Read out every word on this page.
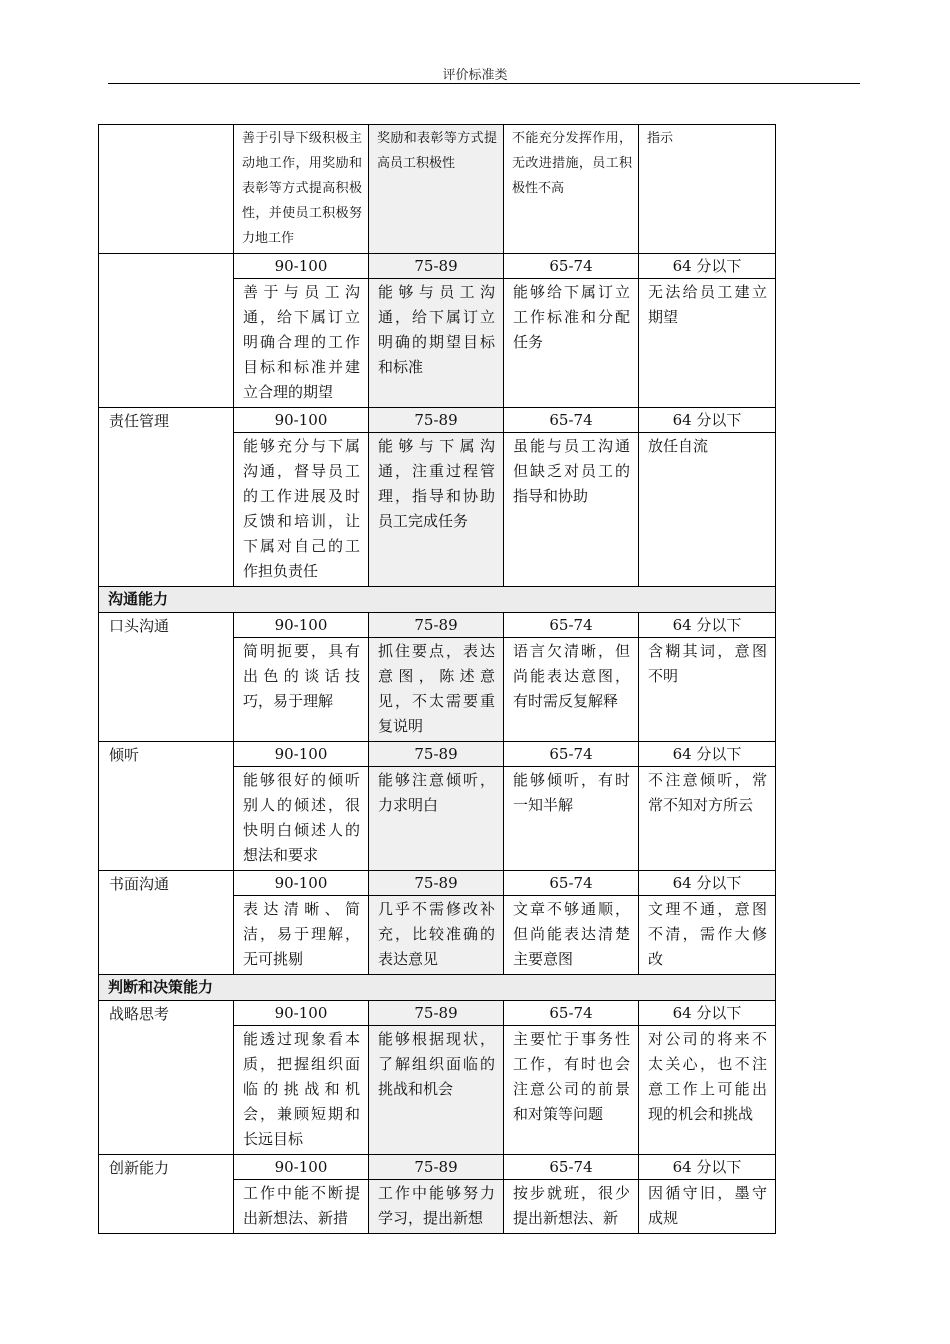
评价标准类
	善于引导下级积极主动地工作，用奖励和表彰等方式提高积极性，并使员工积极努力地工作	奖励和表彰等方式提高员工积极性	不能充分发挥作用，无改进措施，员工积极性不高	指示
	90-100	75-89	65-74	64 分以下
	善于与员工沟通，给下属订立明确合理的工作目标和标准并建立合理的期望	能够与员工沟通，给下属订立明确的期望目标和标准	能够给下属订立工作标准和分配任务	无法给员工建立期望
责任管理	90-100	75-89	65-74	64 分以下
	能够充分与下属沟通，督导员工的工作进展及时反馈和培训，让下属对自己的工作担负责任	能够与下属沟通，注重过程管理，指导和协助员工完成任务	虽能与员工沟通但缺乏对员工的指导和协助	放任自流
沟通能力				
口头沟通	90-100	75-89	65-74	64 分以下
	简明扼要，具有出色的谈话技巧，易于理解	抓住要点，表达意图，陈述意见，不太需要重复说明	语言欠清晰，但尚能表达意图，有时需反复解释	含糊其词，意图不明
倾听	90-100	75-89	65-74	64 分以下
	能够很好的倾听别人的倾述，很快明白倾述人的想法和要求	能够注意倾听，力求明白	能够倾听，有时一知半解	不注意倾听，常常不知对方所云
书面沟通	90-100	75-89	65-74	64 分以下
	表达清晰、简洁，易于理解，无可挑剔	几乎不需修改补充，比较准确的表达意见	文章不够通顺，但尚能表达清楚主要意图	文理不通，意图不清，需作大修改
判断和决策能力				
战略思考	90-100	75-89	65-74	64 分以下
	能透过现象看本质，把握组织面临的挑战和机会，兼顾短期和长远目标	能够根据现状，了解组织面临的挑战和机会	主要忙于事务性工作，有时也会注意公司的前景和对策等问题	对公司的将来不太关心，也不注意工作上可能出现的机会和挑战
创新能力	90-100	75-89	65-74	64 分以下
	工作中能不断提出新想法、新措	工作中能够努力学习，提出新想	按步就班，很少提出新想法、新	因循守旧，墨守成规
